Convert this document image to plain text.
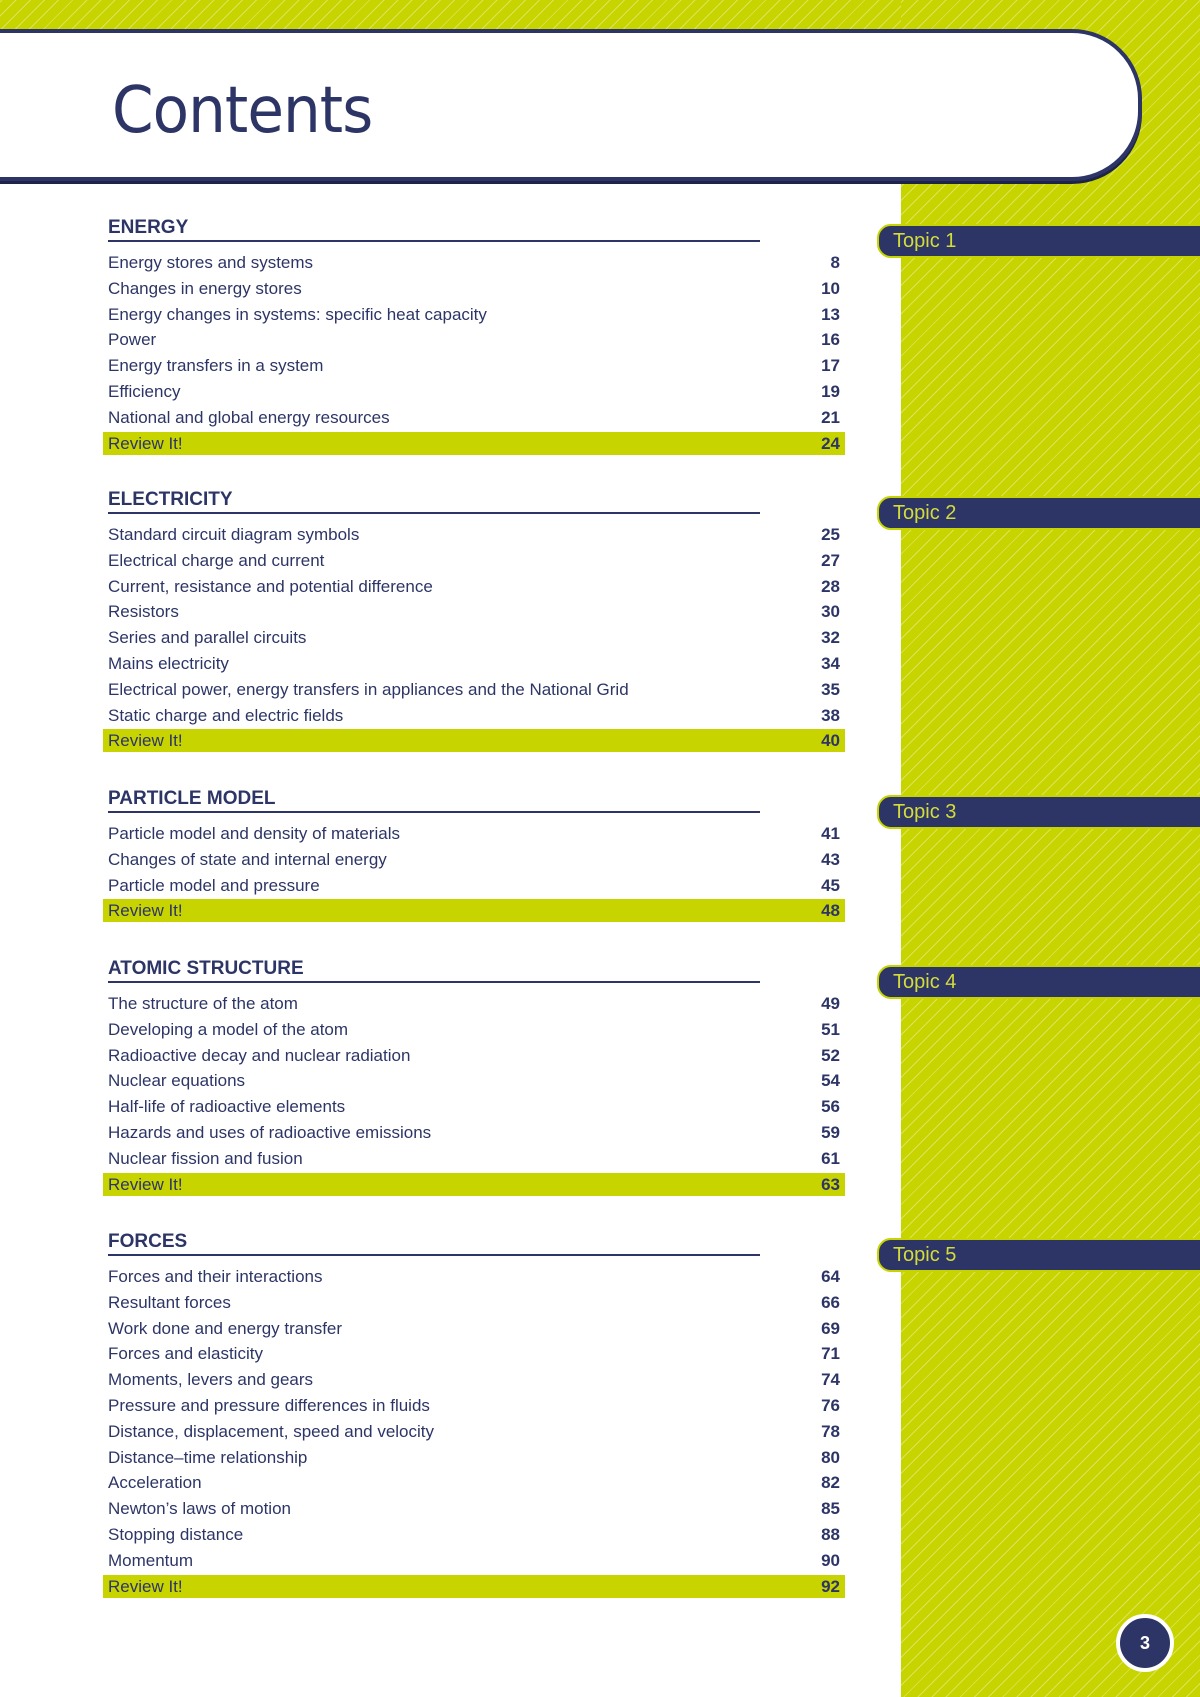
Contents
ENERGY
Topic 1
Energy stores and systems	8
Changes in energy stores	10
Energy changes in systems: specific heat capacity	13
Power	16
Energy transfers in a system	17
Efficiency	19
National and global energy resources	21
Review It!	24
ELECTRICITY
Topic 2
Standard circuit diagram symbols	25
Electrical charge and current	27
Current, resistance and potential difference	28
Resistors	30
Series and parallel circuits	32
Mains electricity	34
Electrical power, energy transfers in appliances and the National Grid	35
Static charge and electric fields	38
Review It!	40
PARTICLE MODEL
Topic 3
Particle model and density of materials	41
Changes of state and internal energy	43
Particle model and pressure	45
Review It!	48
ATOMIC STRUCTURE
Topic 4
The structure of the atom	49
Developing a model of the atom	51
Radioactive decay and nuclear radiation	52
Nuclear equations	54
Half-life of radioactive elements	56
Hazards and uses of radioactive emissions	59
Nuclear fission and fusion	61
Review It!	63
FORCES
Topic 5
Forces and their interactions	64
Resultant forces	66
Work done and energy transfer	69
Forces and elasticity	71
Moments, levers and gears	74
Pressure and pressure differences in fluids	76
Distance, displacement, speed and velocity	78
Distance–time relationship	80
Acceleration	82
Newton’s laws of motion	85
Stopping distance	88
Momentum	90
Review It!	92
3
